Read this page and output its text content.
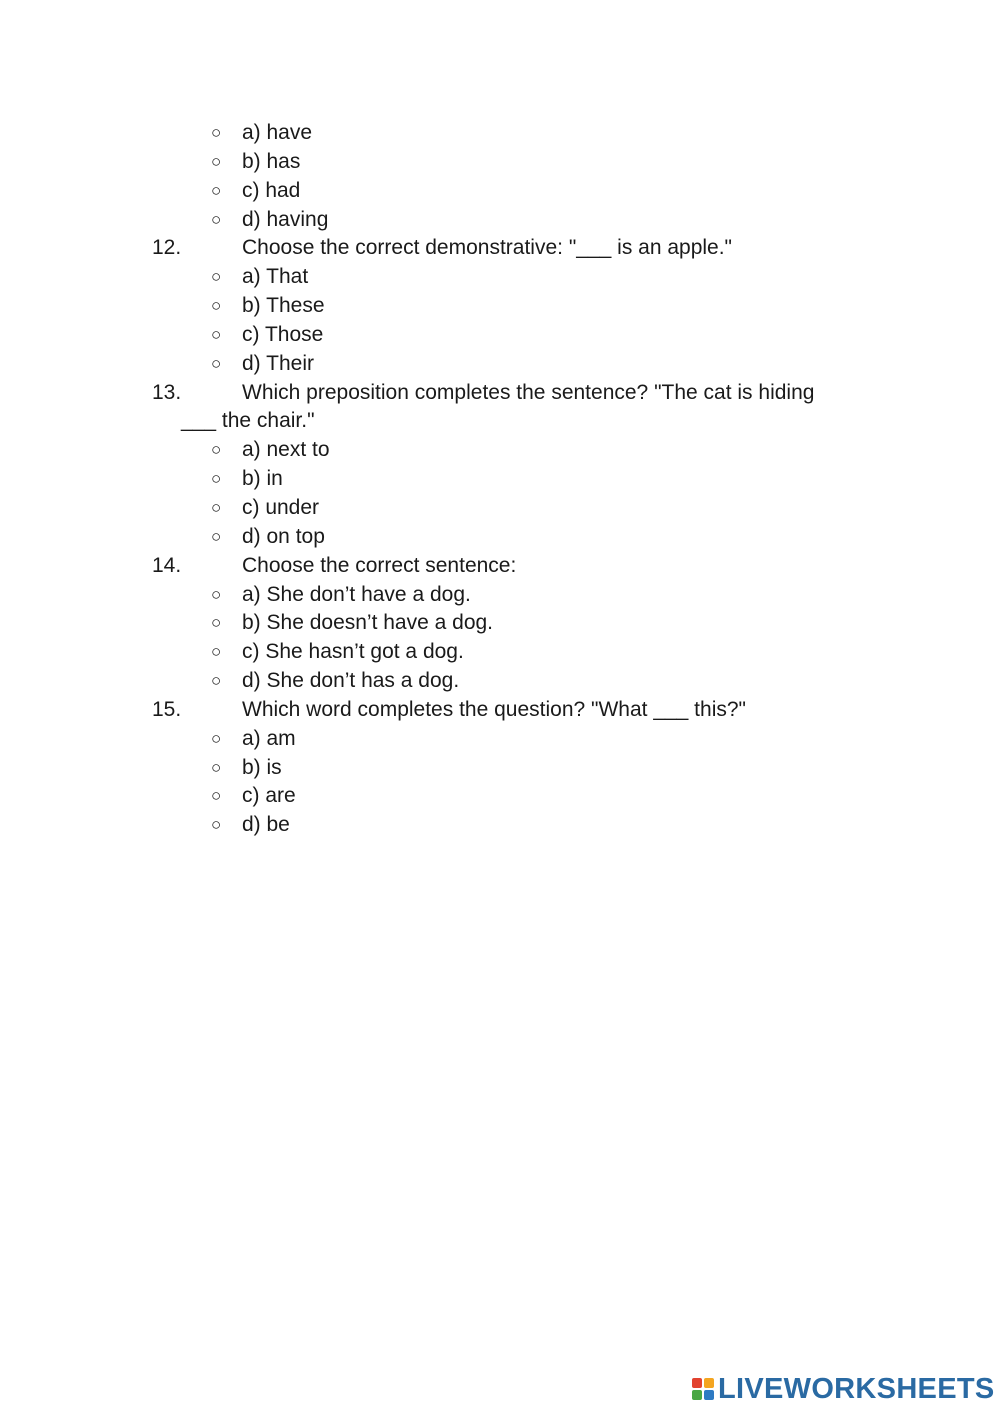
○ a) have
○ b) has
○ c) had
○ d) having
12.	Choose the correct demonstrative: "___ is an apple."
○ a) That
○ b) These
○ c) Those
○ d) Their
13.	Which preposition completes the sentence? "The cat is hiding
___ the chair."
○ a) next to
○ b) in
○ c) under
○ d) on top
14.	Choose the correct sentence:
○ a) She don’t have a dog.
○ b) She doesn’t have a dog.
○ c) She hasn’t got a dog.
○ d) She don’t has a dog.
15.	Which word completes the question? "What ___ this?"
○ a) am
○ b) is
○ c) are
○ d) be
LIVEWORKSHEETS
